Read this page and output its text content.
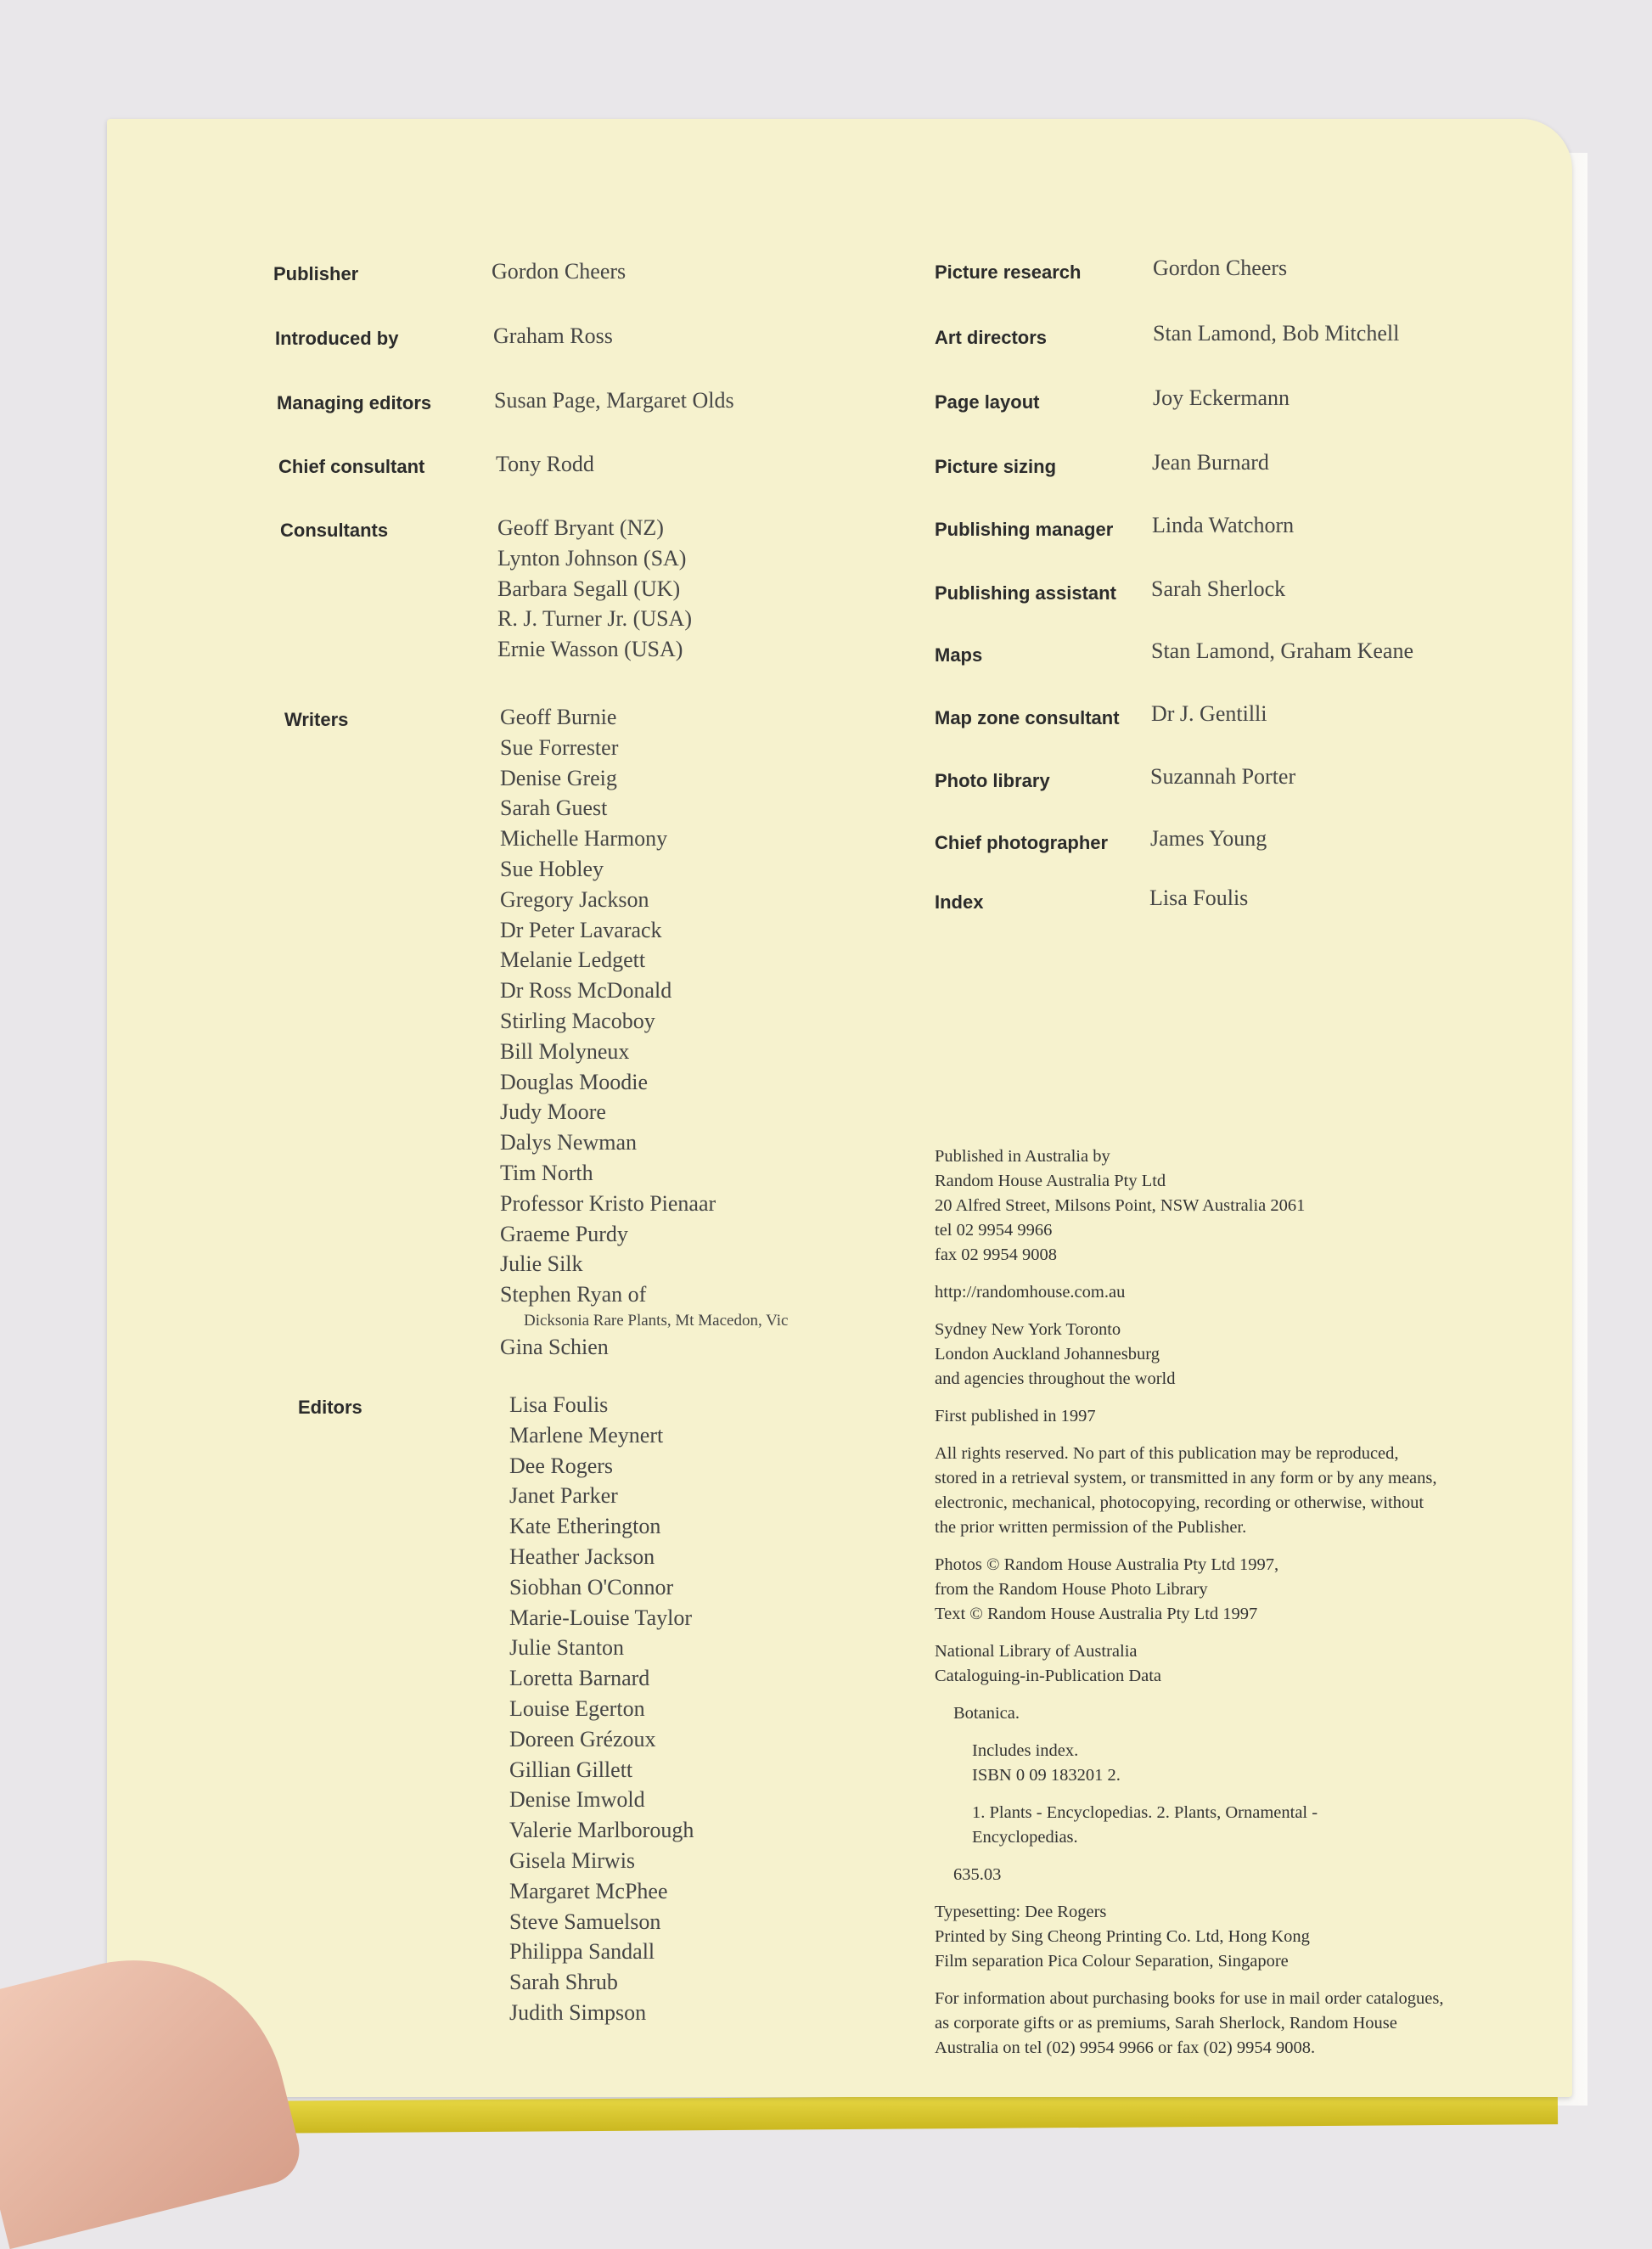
Publisher	Gordon Cheers
Introduced by	Graham Ross
Managing editors	Susan Page, Margaret Olds
Chief consultant	Tony Rodd
Consultants	Geoff Bryant (NZ)
Lynton Johnson (SA)
Barbara Segall (UK)
R. J. Turner Jr. (USA)
Ernie Wasson (USA)
Writers	Geoff Burnie
Sue Forrester
Denise Greig
Sarah Guest
Michelle Harmony
Sue Hobley
Gregory Jackson
Dr Peter Lavarack
Melanie Ledgett
Dr Ross McDonald
Stirling Macoboy
Bill Molyneux
Douglas Moodie
Judy Moore
Dalys Newman
Tim North
Professor Kristo Pienaar
Graeme Purdy
Julie Silk
Stephen Ryan of
Dicksonia Rare Plants, Mt Macedon, Vic
Gina Schien
Editors	Lisa Foulis
Marlene Meynert
Dee Rogers
Janet Parker
Kate Etherington
Heather Jackson
Siobhan O'Connor
Marie-Louise Taylor
Julie Stanton
Loretta Barnard
Louise Egerton
Doreen Grézoux
Gillian Gillett
Denise Imwold
Valerie Marlborough
Gisela Mirwis
Margaret McPhee
Steve Samuelson
Philippa Sandall
Sarah Shrub
Judith Simpson
Picture research	Gordon Cheers
Art directors	Stan Lamond, Bob Mitchell
Page layout	Joy Eckermann
Picture sizing	Jean Burnard
Publishing manager Linda Watchorn
Publishing assistant Sarah Sherlock
Maps	Stan Lamond, Graham Keane
Map zone consultant Dr J. Gentilli
Photo library	Suzannah Porter
Chief photographer James Young
Index	Lisa Foulis

Published in Australia by
Random House Australia Pty Ltd
20 Alfred Street, Milsons Point, NSW Australia 2061
tel 02 9954 9966
fax 02 9954 9008

http://randomhouse.com.au

Sydney New York Toronto
London Auckland Johannesburg
and agencies throughout the world

First published in 1997

All rights reserved. No part of this publication may be reproduced, stored in a retrieval system, or transmitted in any form or by any means, electronic, mechanical, photocopying, recording or otherwise, without the prior written permission of the Publisher.

Photos © Random House Australia Pty Ltd 1997,
from the Random House Photo Library
Text © Random House Australia Pty Ltd 1997

National Library of Australia
Cataloguing-in-Publication Data

Botanica.

Includes index.
ISBN 0 09 183201 2.

1. Plants - Encyclopedias. 2. Plants, Ornamental -
Encyclopedias.

635.03

Typesetting: Dee Rogers
Printed by Sing Cheong Printing Co. Ltd, Hong Kong
Film separation Pica Colour Separation, Singapore

For information about purchasing books for use in mail order catalogues, as corporate gifts or as premiums, Sarah Sherlock, Random House Australia on tel (02) 9954 9966 or fax (02) 9954 9008.
